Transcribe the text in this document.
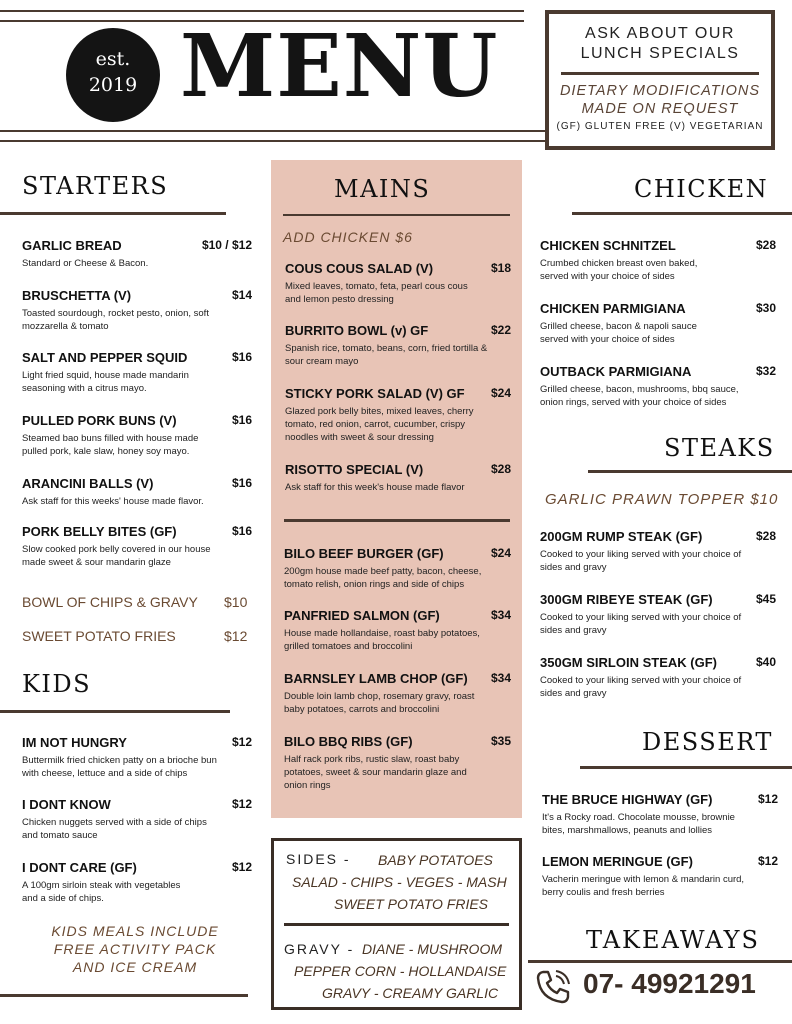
est.
2019 MENU	ASK ABOUT OUR
LUNCH SPECIALS
DIETARY MODIFICATIONS
MADE ON REQUEST
(GF) GLUTEN FREE (V) VEGETARIAN
STARTERS
GARLIC BREAD	$10 / $12
Standard or Cheese & Bacon.
BRUSCHETTA (V)	$14
Toasted sourdough, rocket pesto, onion, soft mozzarella & tomato
SALT AND PEPPER SQUID	$16
Light fried squid, house made mandarin seasoning with a citrus mayo.
PULLED PORK BUNS (V)	$16
Steamed bao buns filled with house made pulled pork, kale slaw, honey soy mayo.
ARANCINI BALLS (V)	$16
Ask staff for this weeks' house made flavor.
PORK BELLY BITES (GF)	$16
Slow cooked pork belly covered in our house made sweet & sour mandarin glaze
BOWL OF CHIPS & GRAVY $10
SWEET POTATO FRIES	$12
KIDS
IM NOT HUNGRY	$12
Buttermilk fried chicken patty on a brioche bun with cheese, lettuce and a side of chips
I DONT KNOW	$12
Chicken nuggets served with a side of chips and tomato sauce
I DONT CARE (GF)	$12
A 100gm sirloin steak with vegetables and a side of chips.
KIDS MEALS INCLUDE
FREE ACTIVITY PACK
AND ICE CREAM
MAINS
ADD CHICKEN $6
COUS COUS SALAD (V)	$18
Mixed leaves, tomato, feta, pearl cous cous and lemon pesto dressing
BURRITO BOWL (v) GF	$22
Spanish rice, tomato, beans, corn, fried tortilla & sour cream mayo
STICKY PORK SALAD (V) GF	$24
Glazed pork belly bites, mixed leaves, cherry tomato, red onion, carrot, cucumber, crispy noodles with sweet & sour dressing
RISOTTO SPECIAL (V)	$28
Ask staff for this week's house made flavor
BILO BEEF BURGER (GF)	$24
200gm house made beef patty, bacon, cheese, tomato relish, onion rings and side of chips
PANFRIED SALMON (GF)	$34
House made hollandaise, roast baby potatoes, grilled tomatoes and broccolini
BARNSLEY LAMB CHOP (GF)	$34
Double loin lamb chop, rosemary gravy, roast baby potatoes, carrots and broccolini
BILO BBQ RIBS (GF)	$35
Half rack pork ribs, rustic slaw, roast baby potatoes, sweet & sour mandarin glaze and onion rings
SIDES - BABY POTATOES
SALAD - CHIPS - VEGES - MASH
SWEET POTATO FRIES
GRAVY - DIANE - MUSHROOM
PEPPER CORN - HOLLANDAISE
GRAVY - CREAMY GARLIC
CHICKEN
CHICKEN SCHNITZEL	$28
Crumbed chicken breast oven baked, served with your choice of sides
CHICKEN PARMIGIANA	$30
Grilled cheese, bacon & napoli sauce served with your choice of sides
OUTBACK PARMIGIANA	$32
Grilled cheese, bacon, mushrooms, bbq sauce, onion rings, served with your choice of sides
STEAKS
GARLIC PRAWN TOPPER $10
200GM RUMP STEAK (GF)	$28
Cooked to your liking served with your choice of sides and gravy
300GM RIBEYE STEAK (GF)	$45
Cooked to your liking served with your choice of sides and gravy
350GM SIRLOIN STEAK (GF)	$40
Cooked to your liking served with your choice of sides and gravy
DESSERT
THE BRUCE HIGHWAY (GF)	$12
It's a Rocky road. Chocolate mousse, brownie bites, marshmallows, peanuts and lollies
LEMON MERINGUE (GF)	$12
Vacherin meringue with lemon & mandarin curd, berry coulis and fresh berries
TAKEAWAYS
07- 49921291
